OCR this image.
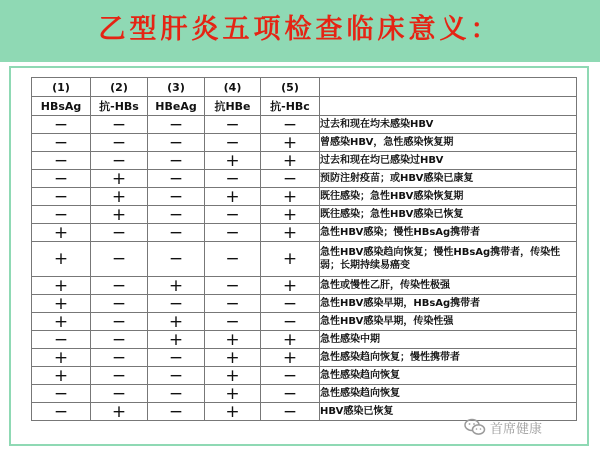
乙型肝炎五项检查临床意义：
(1)	(2)	(3)	(4)	(5)	
HBsAg	抗-HBs	HBeAg	抗HBe	抗-HBc	
−	−	−	−	−	过去和现在均未感染HBV
−	−	−	−	+	曾感染HBV，急性感染恢复期
−	−	−	+	+	过去和现在均已感染过HBV
−	+	−	−	−	预防注射疫苗；或HBV感染已康复
−	+	−	+	+	既往感染；急性HBV感染恢复期
−	+	−	−	+	既往感染；急性HBV感染已恢复
+	−	−	−	+	急性HBV感染；慢性HBsAg携带者
+	−	−	−	+	急性HBV感染趋向恢复；慢性HBsAg携带者，传染性弱；长期持续易癌变
+	−	+	−	+	急性或慢性乙肝，传染性极强
+	−	−	−	−	急性HBV感染早期，HBsAg携带者
+	−	+	−	−	急性HBV感染早期，传染性强
−	−	+	+	+	急性感染中期
+	−	−	+	+	急性感染趋向恢复；慢性携带者
+	−	−	+	−	急性感染趋向恢复
−	−	−	+	−	急性感染趋向恢复
−	+	−	+	−	HBV感染已恢复
首席健康
